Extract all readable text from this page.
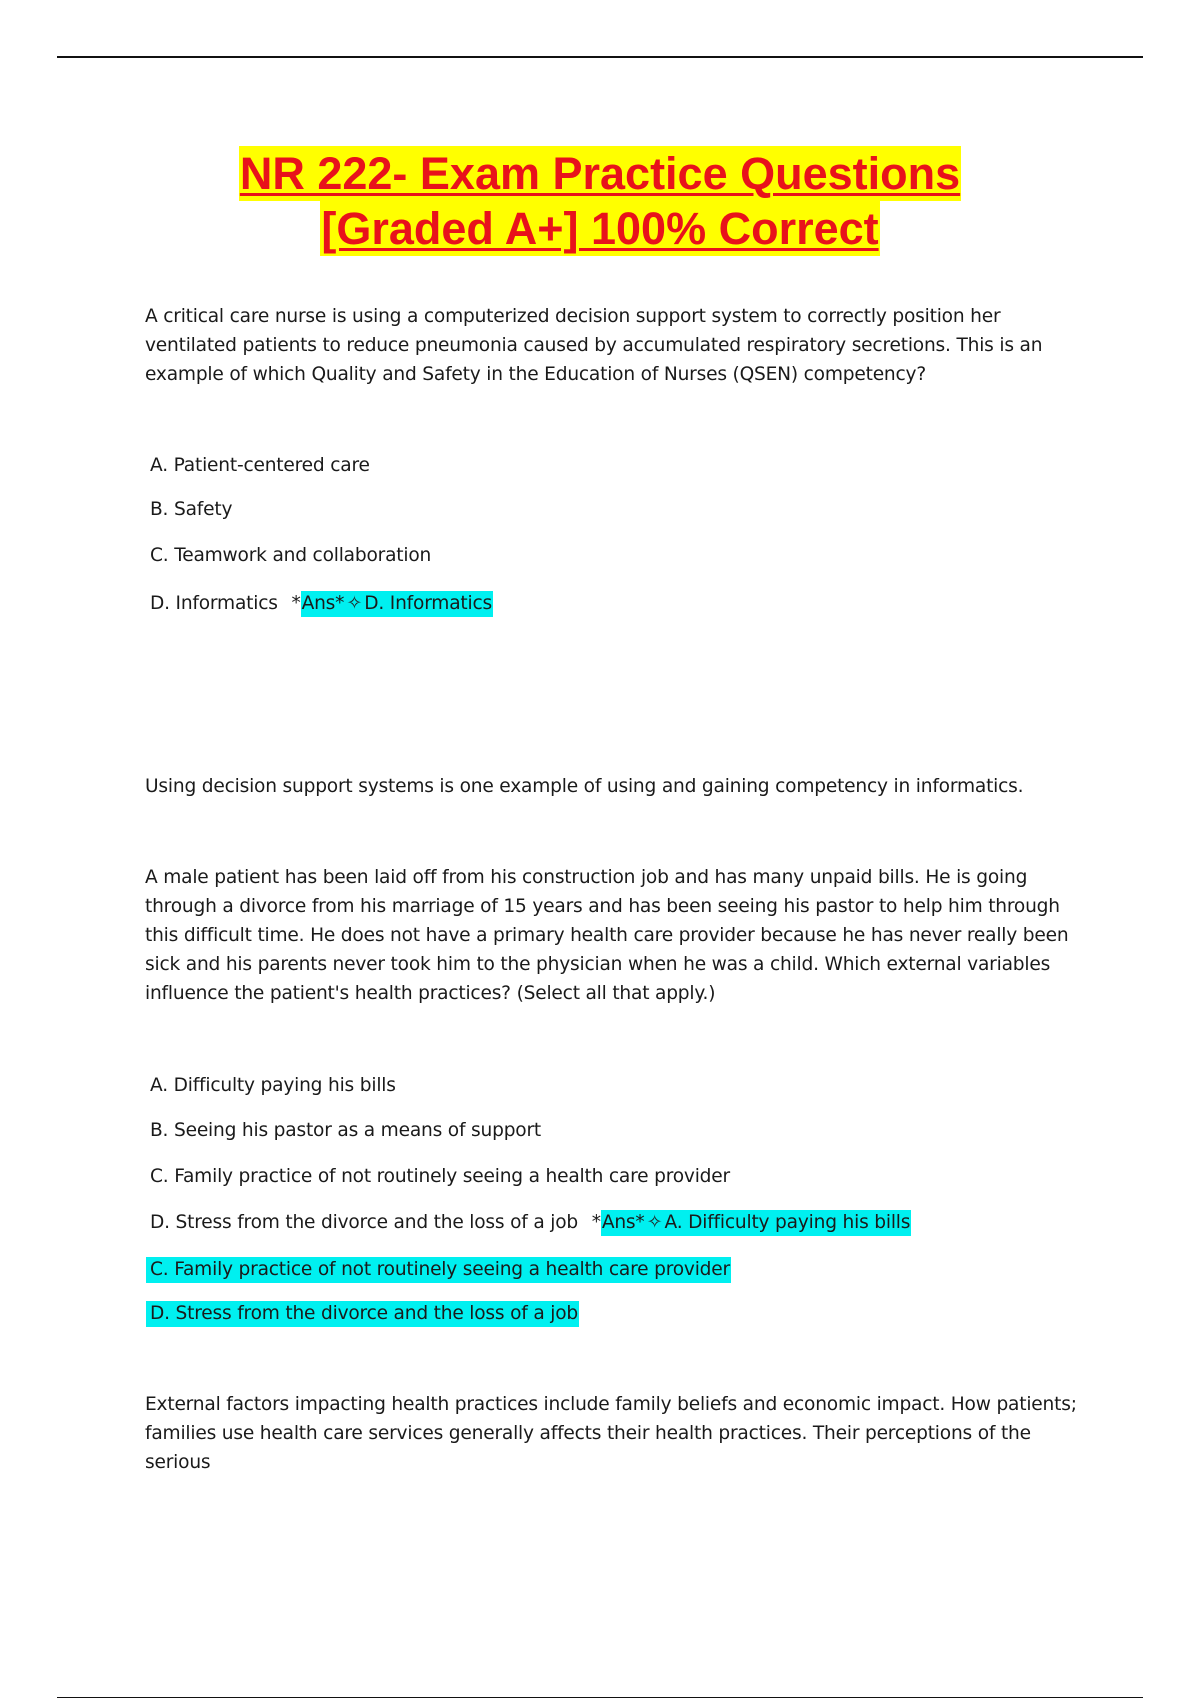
NR 222- Exam Practice Questions
[Graded A+] 100% Correct
A critical care nurse is using a computerized decision support system to correctly position her ventilated patients to reduce pneumonia caused by accumulated respiratory secretions. This is an example of which Quality and Safety in the Education of Nurses (QSEN) competency?
A. Patient-centered care
B. Safety
C. Teamwork and collaboration
D. Informatics *Ans* ✧ D. Informatics
Using decision support systems is one example of using and gaining competency in informatics.
A male patient has been laid off from his construction job and has many unpaid bills. He is going through a divorce from his marriage of 15 years and has been seeing his pastor to help him through this difficult time. He does not have a primary health care provider because he has never really been sick and his parents never took him to the physician when he was a child. Which external variables influence the patient's health practices? (Select all that apply.)
A. Difficulty paying his bills
B. Seeing his pastor as a means of support
C. Family practice of not routinely seeing a health care provider
D. Stress from the divorce and the loss of a job *Ans* ✧ A. Difficulty paying his bills
C. Family practice of not routinely seeing a health care provider
D. Stress from the divorce and the loss of a job
External factors impacting health practices include family beliefs and economic impact. How patients; families use health care services generally affects their health practices. Their perceptions of the serious
